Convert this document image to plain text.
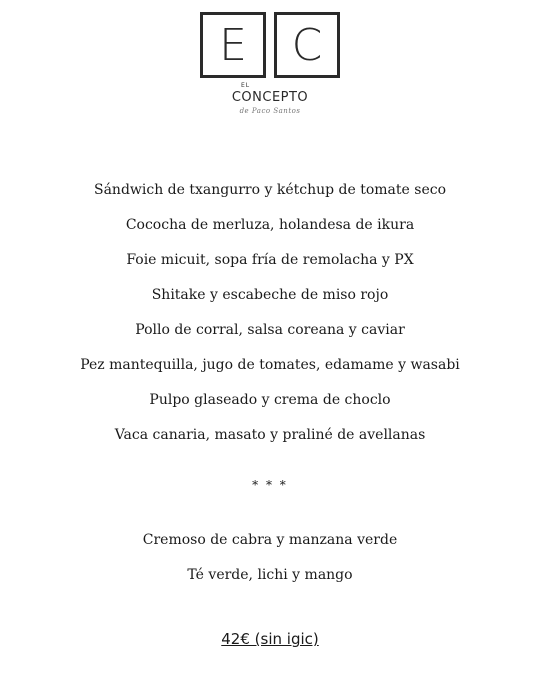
E	C
EL
CONCEPTO
de Paco Santos
Sándwich de txangurro y kétchup de tomate seco
Cococha de merluza, holandesa de ikura
Foie micuit, sopa fría de remolacha y PX
Shitake y escabeche de miso rojo
Pollo de corral, salsa coreana y caviar
Pez mantequilla, jugo de tomates, edamame y wasabi
Pulpo glaseado y crema de choclo
Vaca canaria, masato y praliné de avellanas
* * *
Cremoso de cabra y manzana verde
Té verde, lichi y mango
42€ (sin igic)
